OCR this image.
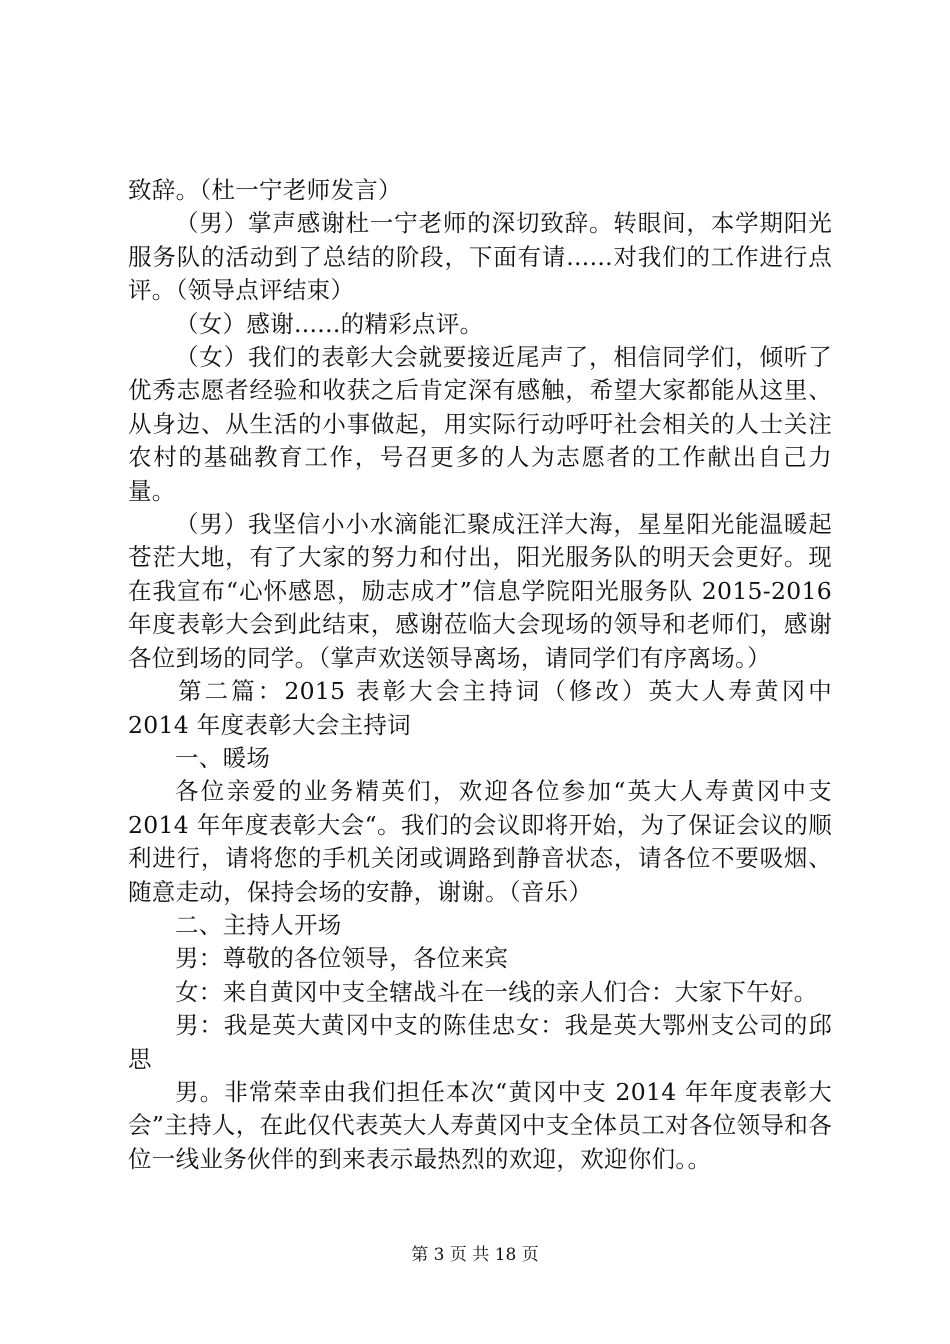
致辞。（杜一宁老师发言）

（男）掌声感谢杜一宁老师的深切致辞。转眼间，本学期阳光服务队的活动到了总结的阶段，下面有请......对我们的工作进行点评。（领导点评结束）

（女）感谢......的精彩点评。

（女）我们的表彰大会就要接近尾声了，相信同学们，倾听了优秀志愿者经验和收获之后肯定深有感触，希望大家都能从这里、从身边、从生活的小事做起，用实际行动呼吁社会相关的人士关注农村的基础教育工作，号召更多的人为志愿者的工作献出自己力量。

（男）我坚信小小水滴能汇聚成汪洋大海，星星阳光能温暖起苍茫大地，有了大家的努力和付出，阳光服务队的明天会更好。现在我宣布“心怀感恩，励志成才”信息学院阳光服务队 2015-2016 年度表彰大会到此结束，感谢莅临大会现场的领导和老师们，感谢各位到场的同学。（掌声欢送领导离场，请同学们有序离场。）

第二篇：2015 表彰大会主持词（修改）英大人寿黄冈中 2014 年度表彰大会主持词

一、暖场

各位亲爱的业务精英们，欢迎各位参加“英大人寿黄冈中支 2014 年年度表彰大会“。我们的会议即将开始，为了保证会议的顺利进行，请将您的手机关闭或调路到静音状态，请各位不要吸烟、随意走动，保持会场的安静，谢谢。（音乐）

二、主持人开场

男：尊敬的各位领导，各位来宾

女：来自黄冈中支全辖战斗在一线的亲人们合：大家下午好。

男：我是英大黄冈中支的陈佳忠女：我是英大鄂州支公司的邱思

男。非常荣幸由我们担任本次“黄冈中支 2014 年年度表彰大会”主持人，在此仅代表英大人寿黄冈中支全体员工对各位领导和各位一线业务伙伴的到来表示最热烈的欢迎，欢迎你们。。

第 3 页 共 18 页
